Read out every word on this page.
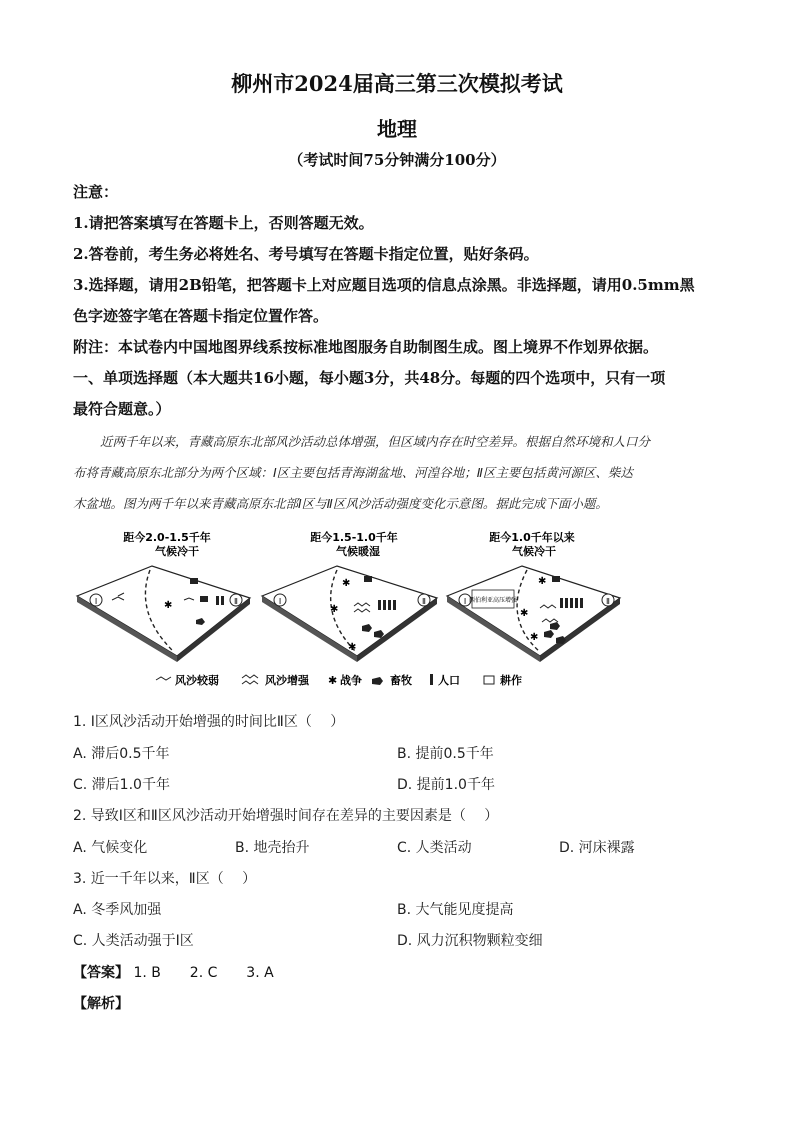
柳州市2024届高三第三次模拟考试
地理
（考试时间75分钟满分100分）
注意：
1.请把答案填写在答题卡上，否则答题无效。
2.答卷前，考生务必将姓名、考号填写在答题卡指定位置，贴好条码。
3.选择题，请用2B铅笔，把答题卡上对应题目选项的信息点涂黑。非选择题，请用0.5mm黑
色字迹签字笔在答题卡指定位置作答。
附注：本试卷内中国地图界线系按标准地图服务自助制图生成。图上境界不作划界依据。
一、单项选择题（本大题共16小题，每小题3分，共48分。每题的四个选项中，只有一项
最符合题意。）
近两千年以来，青藏高原东北部风沙活动总体增强，但区域内存在时空差异。根据自然环境和人口分
布将青藏高原东北部分为两个区域：Ⅰ区主要包括青海湖盆地、河湟谷地；Ⅱ区主要包括黄河源区、柴达
木盆地。图为两千年以来青藏高原东北部Ⅰ区与Ⅱ区风沙活动强度变化示意图。据此完成下面小题。
距今2.0-1.5千年
气候冷干
距今1.5-1.0千年
气候暖湿
距今1.0千年以来
气候冷干
Ⅰ	Ⅱ
✱	Ⅰ	Ⅱ
✱
✱
✱
Ⅰ	Ⅱ
西伯利亚高压增强
✱
✱
✱
风沙较弱	风沙增强 ✱ 战争	畜牧 人口	耕作
1. Ⅰ区风沙活动开始增强的时间比Ⅱ区（　 ）
A. 滞后0.5千年	B. 提前0.5千年
C. 滞后1.0千年	D. 提前1.0千年
2. 导致Ⅰ区和Ⅱ区风沙活动开始增强时间存在差异的主要因素是（　 ）
A. 气候变化	B. 地壳抬升	C. 人类活动	D. 河床裸露
3. 近一千年以来，Ⅱ区（　 ）
A. 冬季风加强	B. 大气能见度提高
C. 人类活动强于Ⅰ区	D. 风力沉积物颗粒变细
【答案】 1. B 2. C 3. A
【解析】
